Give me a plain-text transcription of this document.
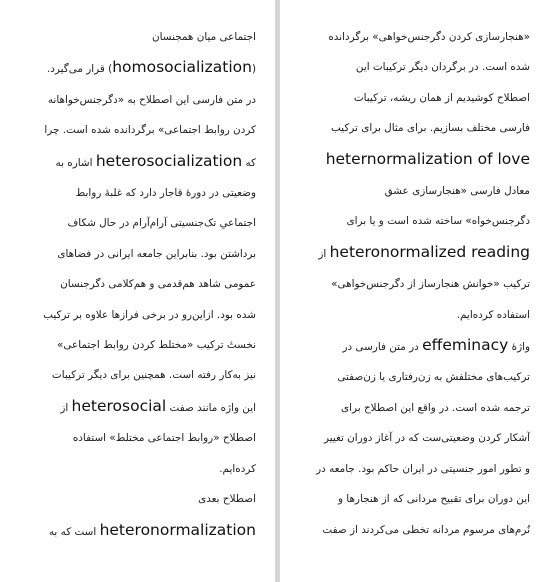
اجتماعی میان همجنسان
(homosocialization) قرار می‌گیرد.
در متن فارسی این اصطلاح به «دگرجنس‌خواهانه
کردن روابط اجتماعی» برگردانده شده است. چرا
که heterosocialization اشاره به
وضعیتی در دورهٔ قاجار دارد که غلبهٔ روابط
اجتماعیِ تک‌جنسیتی آرام‌آرام در حال شکاف
برداشتن بود. بنابراین جامعه ایرانی در فضاهای
عمومی شاهد هم‌قدمی و هم‌کلامی دگرجنسان
شده بود. ازاین‌رو در برخی فرازها علاوه بر ترکیب
نخستٔ ترکیب «مختلط کردن روابط اجتماعی»
نیز به‌کار رفته است. همچنین برای دیگر ترکیبات
این واژه مانند صفت heterosocial از
اصطلاح «روابط اجتماعی مختلط» استفاده
کرده‌ایم.
اصطلاح بعدی
heteronormalization است که به
«هنجارسازی کردن دگرجنس‌خواهی» برگردانده
شده است. در برگردان دیگر ترکیبات این
اصطلاح کوشیدیم از همان ریشه، ترکیبات
فارسی مختلف بسازیم. برای مثال برای ترکیب
heternormalization of love
معادل فارسی «هنجارسازی عشق
دگرجنس‌خواه» ساخته شده است و یا برای
heteronormalized reading از
ترکیب «خوانش هنجارساز از دگرجنس‌خواهی»
استفاده کرده‌ایم.
واژهٔ effeminacy در متن فارسی در
ترکیب‌های مختلفش به زن‌رفتاری یا زن‌صفتی
ترجمه شده است. در واقع این اصطلاح برای
آشکار کردن وضعیتی‌ست که در آغاز دوران تغییر
و تطور امور جنسیتی در ایران حاکم بود. جامعه در
این دوران برای تقبیح مردانی که از هنجارها و
نُرم‌های مرسوم مردانه تخطی می‌کردند از صفت
